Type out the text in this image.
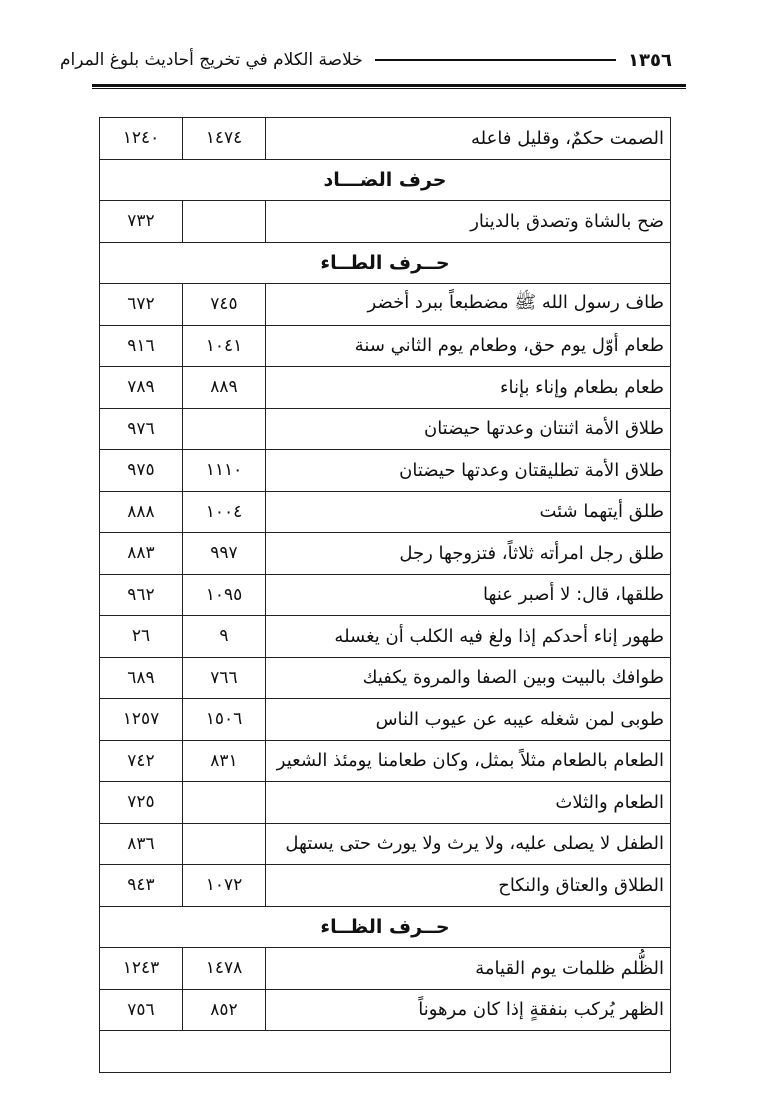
خلاصة الكلام في تخريج أحاديث بلوغ المرام	١٣٥٦
الصمت حكمٌ، وقليل فاعله	١٤٧٤	١٢٤٠
حرف الضـــاد		
ضح بالشاة وتصدق بالدينار		٧٣٢
حــرف الطــاء		
طاف رسول الله ﷺ مضطبعاً ببرد أخضر	٧٤٥	٦٧٢
طعام أوّل يوم حق، وطعام يوم الثاني سنة	١٠٤١	٩١٦
طعام بطعام وإناء بإناء	٨٨٩	٧٨٩
طلاق الأمة اثنتان وعدتها حيضتان		٩٧٦
طلاق الأمة تطليقتان وعدتها حيضتان	١١١٠	٩٧٥
طلق أيتهما شئت	١٠٠٤	٨٨٨
طلق رجل امرأته ثلاثاً، فتزوجها رجل	٩٩٧	٨٨٣
طلقها، قال: لا أصبر عنها	١٠٩٥	٩٦٢
طهور إناء أحدكم إذا ولغ فيه الكلب أن يغسله	٩	٢٦
طوافك بالبيت وبين الصفا والمروة يكفيك	٧٦٦	٦٨٩
طوبى لمن شغله عيبه عن عيوب الناس	١٥٠٦	١٢٥٧
الطعام بالطعام مثلاً بمثل، وكان طعامنا يومئذ الشعير	٨٣١	٧٤٢
الطعام والثلاث		٧٢٥
الطفل لا يصلى عليه، ولا يرث ولا يورث حتى يستهل		٨٣٦
الطلاق والعتاق والنكاح	١٠٧٢	٩٤٣
حــرف الظــاء		
الظُّلم ظلمات يوم القيامة	١٤٧٨	١٢٤٣
الظهر يُركب بنفقةٍ إذا كان مرهوناً	٨٥٢	٧٥٦
